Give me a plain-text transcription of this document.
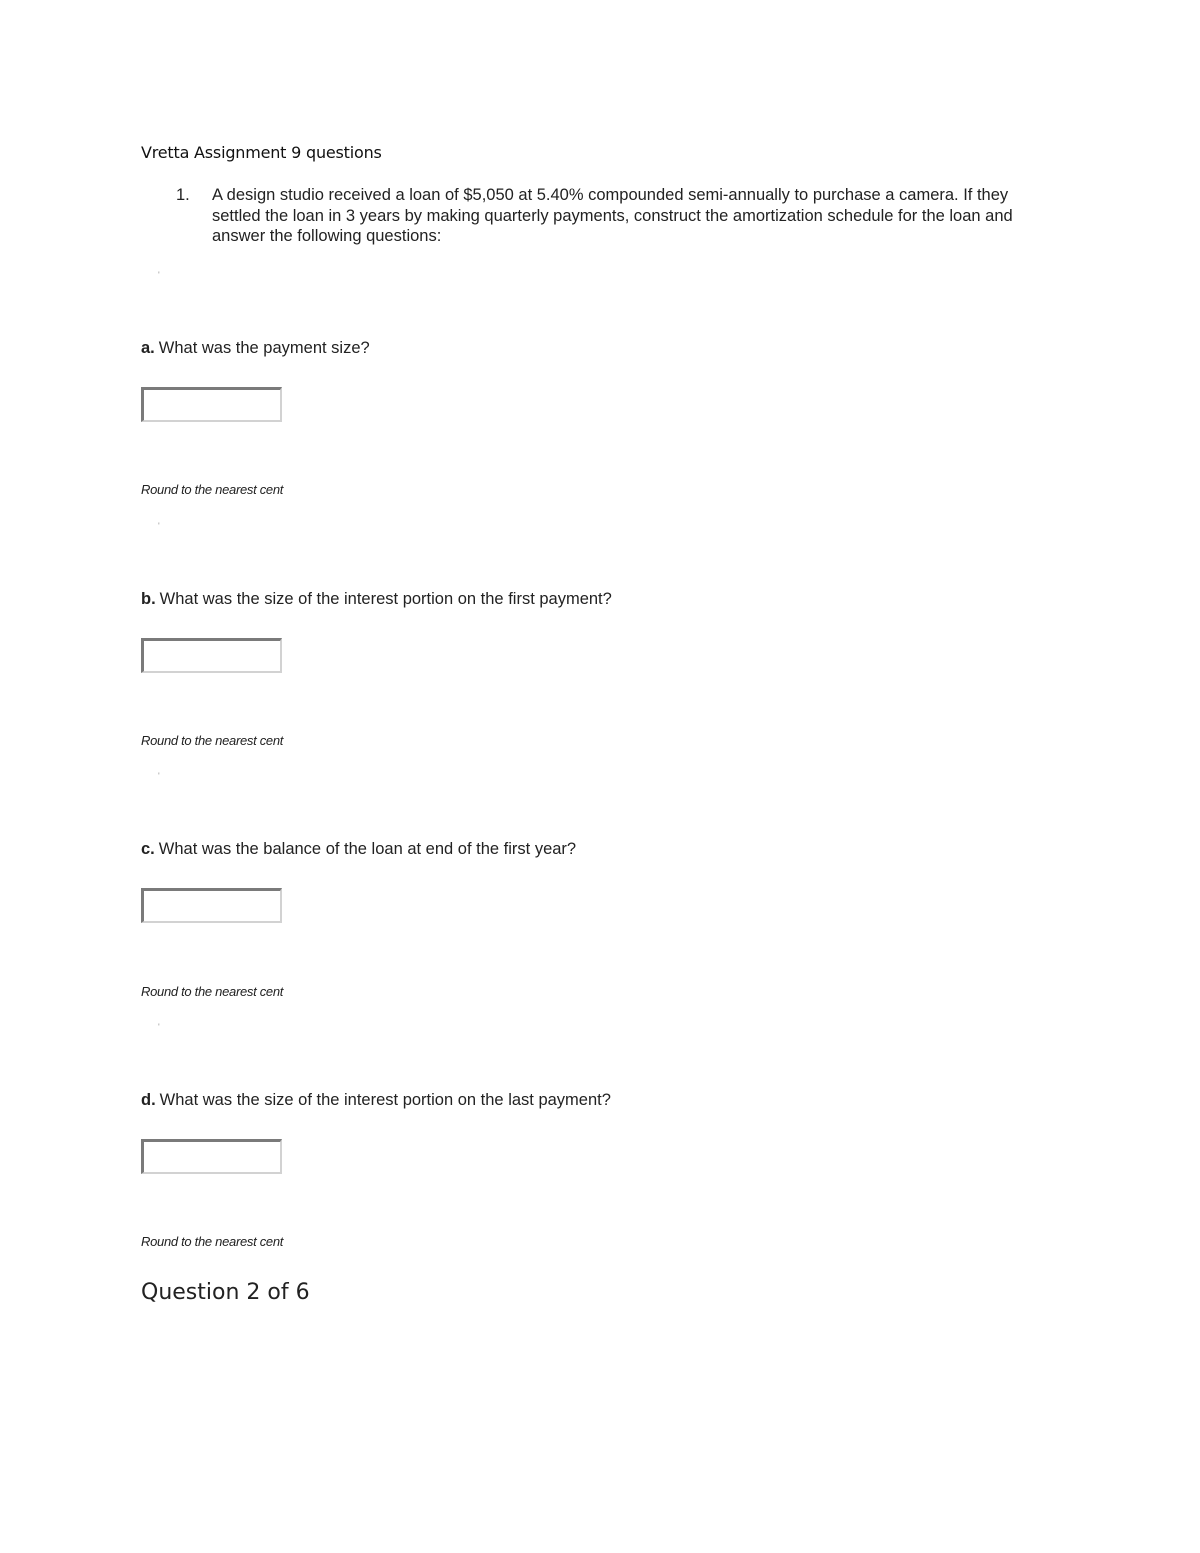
Vretta Assignment 9 questions
1.	A design studio received a loan of $5,050 at 5.40% compounded semi-annually to purchase a camera. If they settled the loan in 3 years by making quarterly payments, construct the amortization schedule for the loan and answer the following questions:
'
a. What was the payment size?
Round to the nearest cent
'
b. What was the size of the interest portion on the first payment?
Round to the nearest cent
'
c. What was the balance of the loan at end of the first year?
Round to the nearest cent
'
d. What was the size of the interest portion on the last payment?
Round to the nearest cent
Question 2 of 6
